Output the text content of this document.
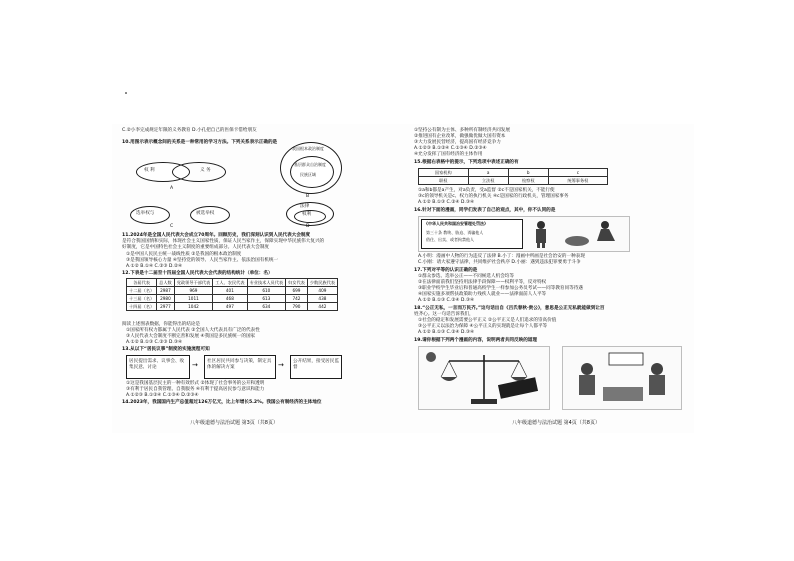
C.②小李完成规定年限的义务教育 D.小孔把自己的医保卡借给朋友
10.用图示表示概念间的关系是一种常用的学习方法。下列关系表示正确的是
权 利	义 务
A
我国根本政治制度
基层群众自治制度
民族区域
B
选举权与	被选举权
C
法律
权利
D
11.2024年是全国人民代表大会成立70周年。回顾历史，我们深刻认识到人民代表大会制度
是符合我国国情和实际，体现社会主义国家性质，保证人民当家作主，保障实现中华民族伟大复兴的
好制度，它是中国特色社会主义制度的重要组成部分。人民代表大会制度
①是中国人民民主统一战线性质 ②是我国的根本政治制度
③是我国领导核心力量 ④坚持党的领导、人民当家作主、依法治国有机统一
A.①② B.①④ C.②③ D.②④
12.下表是十二届至十四届全国人民代表大会代表的结构统计（单位：名）
各届代表	总人数	党政领导干部代表	工人、农民代表	专业技术人员代表	妇女代表	少数民族代表
十二届（名）	2987	969	401	610	699	409
十三届（名）	2980	1011	468	613	742	438
十四届（名）	2977	1042	497	634	790	442
阅读上述图表数据，你能得出的结论是
①国家所有权力都属于人民代表 ②全国人大代表具有广泛的代表性
③人民代表大会制度不断完善和发展 ④我国是多民族统一的国家
A.①② B.①③ C.②③ D.③④
13.从以下“居民议事”制度的实施流程可知
居民提出需求、议事会、收集民意、讨论	→ 社区居民共同参与决策，制定具体的解决方案	→ 公开结果，接受居民监督
①这是我国基层民主的一种有效形式 ②体现了社会事务的公开和透明
③有利于居民自我管理、自我服务 ④有利于提高居民参与意识和能力
A.①②③ B.①②④ C.①③④ D.②③④
14.2023年，我国国内生产总值超过126万亿元，比上年增长5.2%。我国公有制经济的主体地位
八年级道德与法治试题 第3页（共8页）
①坚持公有制为主体、多种所有制经济共同发展
②推进国有企业改革，做强做优做大国有资本
③大力发展民营经济，提高国有经济竞争力
A.①②③ B.①②④ C.①③④ D.②③④
④允分发挥了国有经济的主体作用
15.根据右表格中的提示，下列选项中表述正确的有
国家机构	a	b	c
职权	立法权	检察权	统筹事务权
①a和b都是a产生，对a负责，受a监督 ②c不是国家机关，不能行使
③c的领导机关是c、权力的执行机关 ④c是国家的行政机关，管理国家事务
A.①② B.①③ C.②④ D.③④
16.针对下面的漫画，同学们发表了自己的观点，其中，你不认同的是
《中华人民共和国治安管理处罚法》
第三十条 教唆、胁迫、诱骗他人
借住、出卖、或者拘禁他人
A.小明：漫画中人物的行为违反了法律 B.小丁：漫画中所画是社会治安的一种表现
C.小刚：请大家遵守法律，共同维护社会秩序 D.小丽：遇到违法犯罪要勇于斗争
17.下列对平等的认识正确的是
①群众参选、选举公正——不同候选人机会均等
②在法律面前我们坚持用法律手段保障——权利平等，反对特权
③职业学校学生毕业后和普通高校学生一样参加公务员考试——同等教育同等待遇
④国家实施多项帮扶政策助力残疾人就业——法律面前人人平等
A.①② B.①③ C.②④ D.③④
18.“公正无私，一言而万民齐。”这句话出自《吕氏春秋·贵公》，意思是公正无私就能做到让百
姓齐心。这一句话告诉我们，
①社会的稳定和发展需要公平正义 ②公平正义是人们追求的崇高价值
③公平正义以法治为保障 ④公平正义的实现就是让每个人都平等
A.①② B.①③ C.②④ D.③④
19.请你根据下列两个漫画的内容，说明两者共同反映的道理
八年级道德与法治试题 第4页（共8页）
